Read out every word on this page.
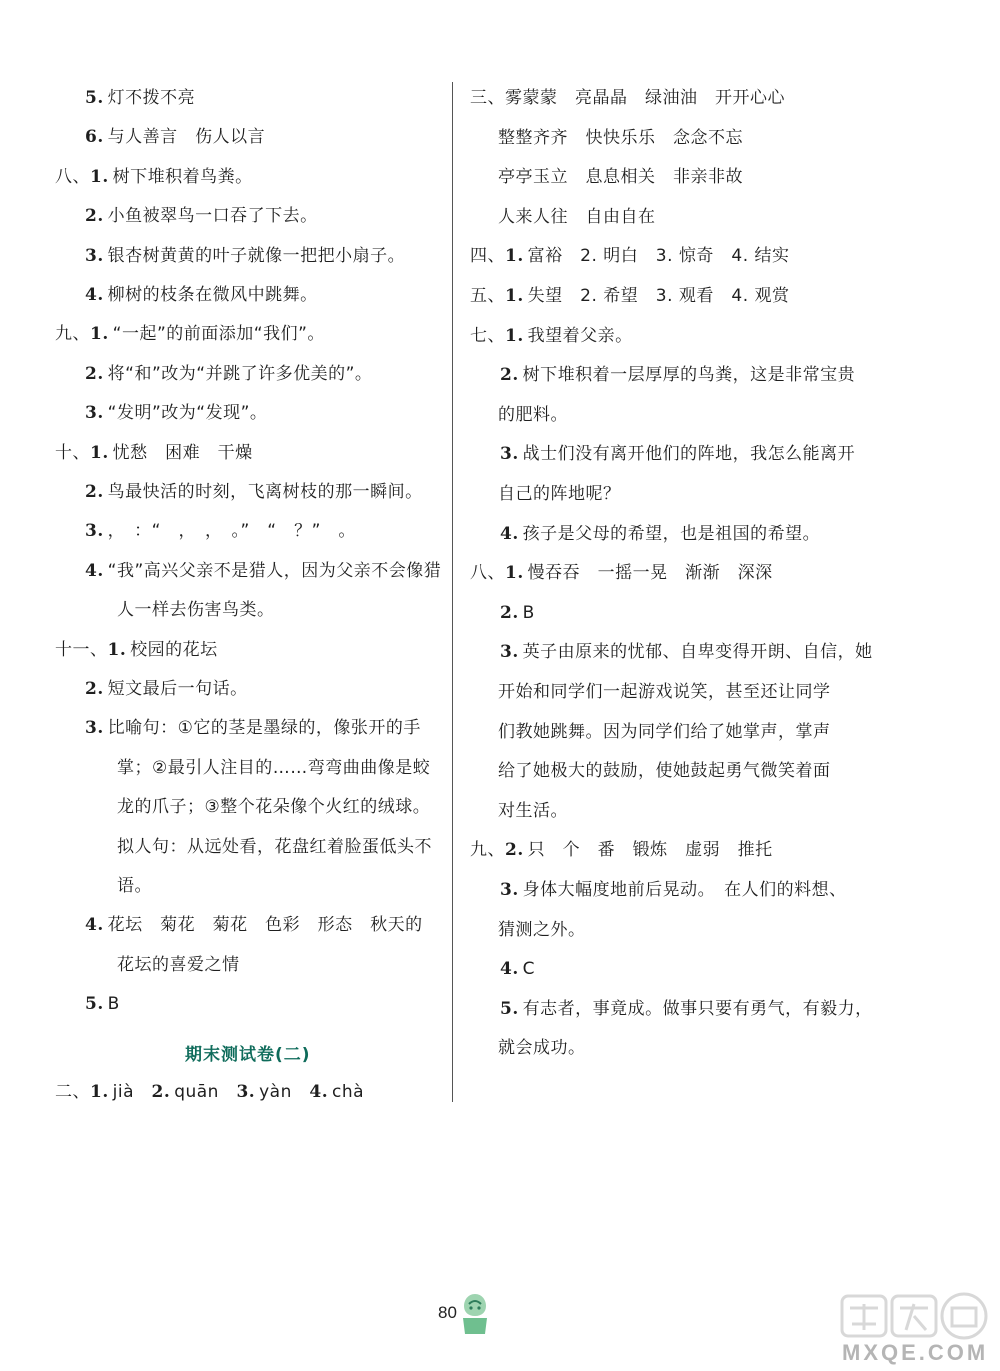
5.  灯不拨不亮
6.  与人善言　伤人以言
八、1.  树下堆积着鸟粪。
2.  小鱼被翠鸟一口吞了下去。
3.  银杏树黄黄的叶子就像一把把小扇子。
4.  柳树的枝条在微风中跳舞。
九、1.  “一起”的前面添加“我们”。
2.  将“和”改为“并跳了许多优美的”。
3.  “发明”改为“发现”。
十、1.  忧愁　困难　干燥
2.  鸟最快活的时刻，飞离树枝的那一瞬间。
3.  ，　：“　，　，　。”　“　？”　。
4.  “我”高兴父亲不是猎人，因为父亲不会像猎
人一样去伤害鸟类。
十一、1.  校园的花坛
2.  短文最后一句话。
3.  比喻句：①它的茎是墨绿的，像张开的手
掌；②最引人注目的……弯弯曲曲像是蛟
龙的爪子；③整个花朵像个火红的绒球。
拟人句：从远处看，花盘红着脸蛋低头不
语。
4.  花坛　菊花　菊花　色彩　形态　秋天的
花坛的喜爱之情
5.  B
三、雾蒙蒙　亮晶晶　绿油油　开开心心
整整齐齐　快快乐乐　念念不忘
亭亭玉立　息息相关　非亲非故
人来人往　自由自在
四、1.  富裕　2. 明白　3. 惊奇　4. 结实
五、1.  失望　2. 希望　3. 观看　4. 观赏
七、1.  我望着父亲。
2.  树下堆积着一层厚厚的鸟粪，这是非常宝贵
的肥料。
3.  战士们没有离开他们的阵地，我怎么能离开
自己的阵地呢？
4.  孩子是父母的希望，也是祖国的希望。
八、1.  慢吞吞　一摇一晃　渐渐　深深
2.  B
3.  英子由原来的忧郁、自卑变得开朗、自信，她
开始和同学们一起游戏说笑，甚至还让同学
们教她跳舞。因为同学们给了她掌声，掌声
给了她极大的鼓励，使她鼓起勇气微笑着面
对生活。
九、2.  只　个　番　锻炼　虚弱　推托
3.  身体大幅度地前后晃动。　在人们的料想、
猜测之外。
4.  C
5.  有志者，事竟成。做事只要有勇气，有毅力，
就会成功。
期末测试卷(二)
二、1.  jià  2.  quān  3.  yàn  4.  chà
80
MXQE.COM
